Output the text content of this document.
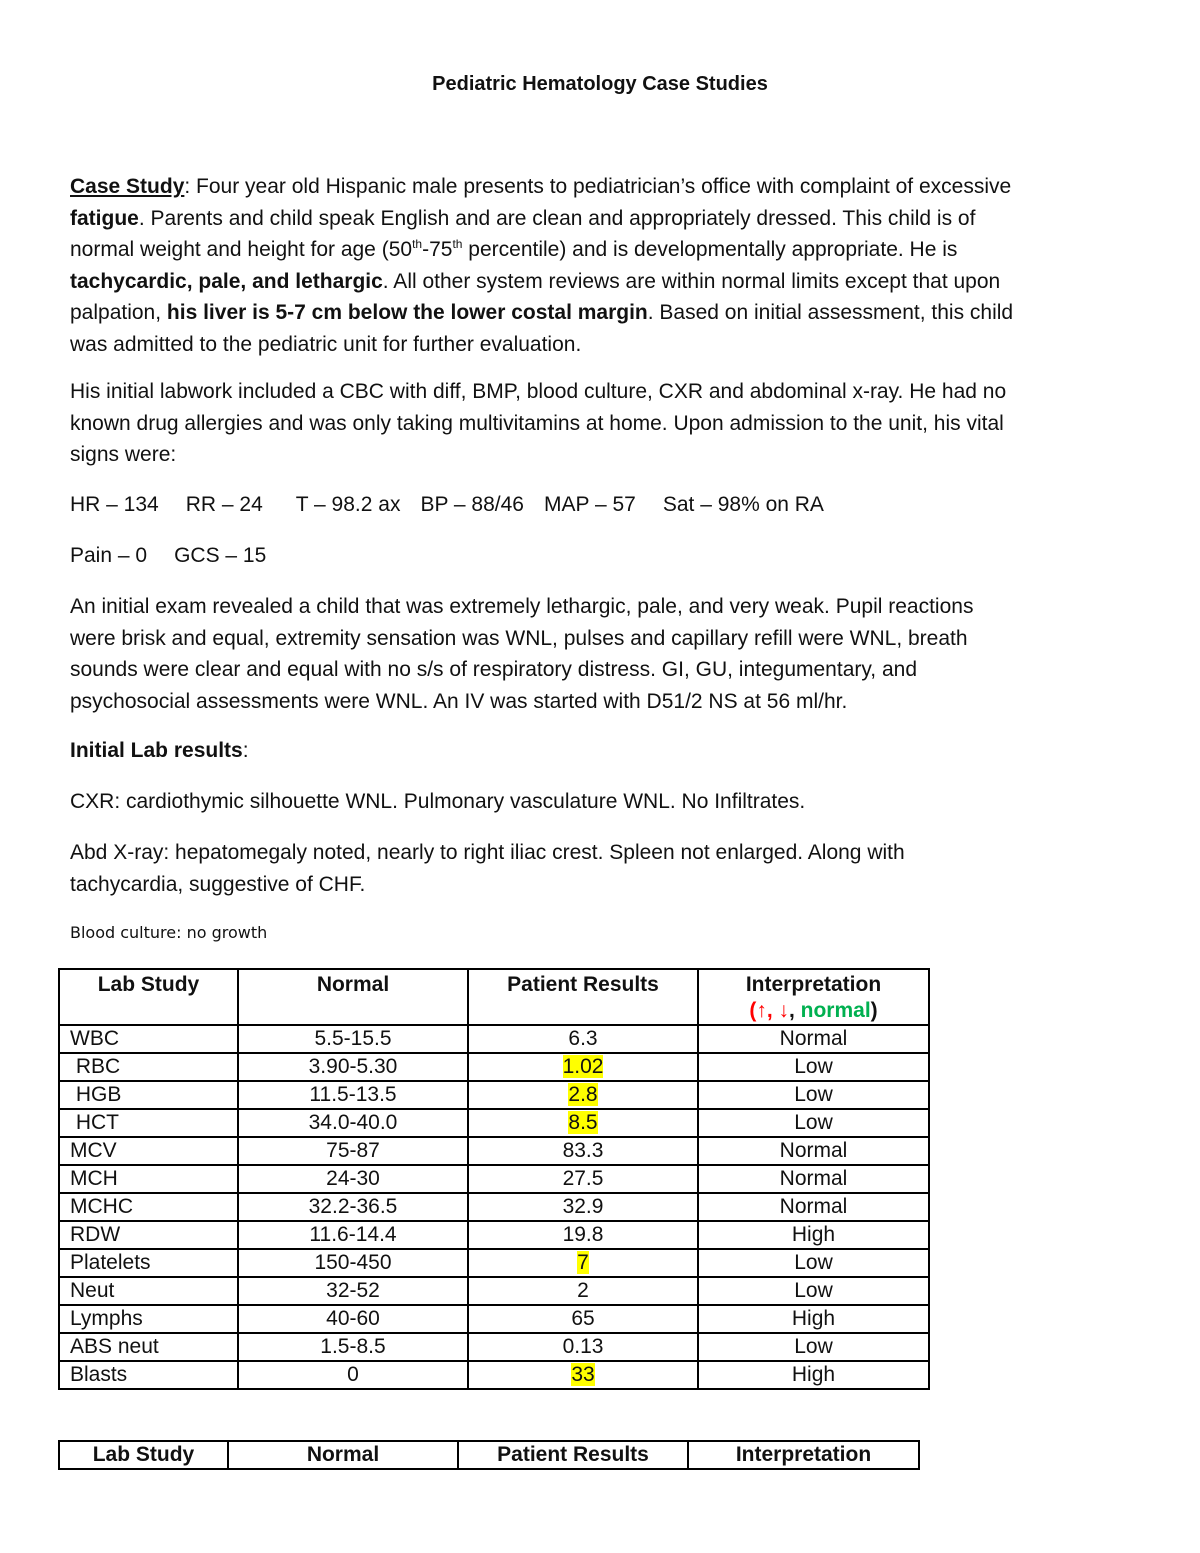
Pediatric Hematology Case Studies
Case Study: Four year old Hispanic male presents to pediatrician’s office with complaint of excessive
fatigue. Parents and child speak English and are clean and appropriately dressed. This child is of
normal weight and height for age (50th-75th percentile) and is developmentally appropriate. He is
tachycardic, pale, and lethargic. All other system reviews are within normal limits except that upon
palpation, his liver is 5-7 cm below the lower costal margin. Based on initial assessment, this child
was admitted to the pediatric unit for further evaluation.
His initial labwork included a CBC with diff, BMP, blood culture, CXR and abdominal x-ray. He had no
known drug allergies and was only taking multivitamins at home. Upon admission to the unit, his vital
signs were:
HR – 134 RR – 24 T – 98.2 ax BP – 88/46 MAP – 57 Sat – 98% on RA
Pain – 0 GCS – 15
An initial exam revealed a child that was extremely lethargic, pale, and very weak. Pupil reactions
were brisk and equal, extremity sensation was WNL, pulses and capillary refill were WNL, breath
sounds were clear and equal with no s/s of respiratory distress. GI, GU, integumentary, and
psychosocial assessments were WNL. An IV was started with D51/2 NS at 56 ml/hr.
Initial Lab results:
CXR: cardiothymic silhouette WNL. Pulmonary vasculature WNL. No Infiltrates.
Abd X-ray: hepatomegaly noted, nearly to right iliac crest. Spleen not enlarged. Along with
tachycardia, suggestive of CHF.
Blood culture: no growth
Lab Study	Normal	Patient Results	Interpretation
(↑, ↓, normal)

WBC	5.5-15.5	6.3	Normal
RBC	3.90-5.30	1.02	Low
HGB	11.5-13.5	2.8	Low
HCT	34.0-40.0	8.5	Low
MCV	75-87	83.3	Normal
MCH	24-30	27.5	Normal
MCHC	32.2-36.5	32.9	Normal
RDW	11.6-14.4	19.8	High
Platelets	150-450	7	Low
Neut	32-52	2	Low
Lymphs	40-60	65	High
ABS neut	1.5-8.5	0.13	Low
Blasts	0	33	High
Lab Study	Normal	Patient Results	Interpretation
